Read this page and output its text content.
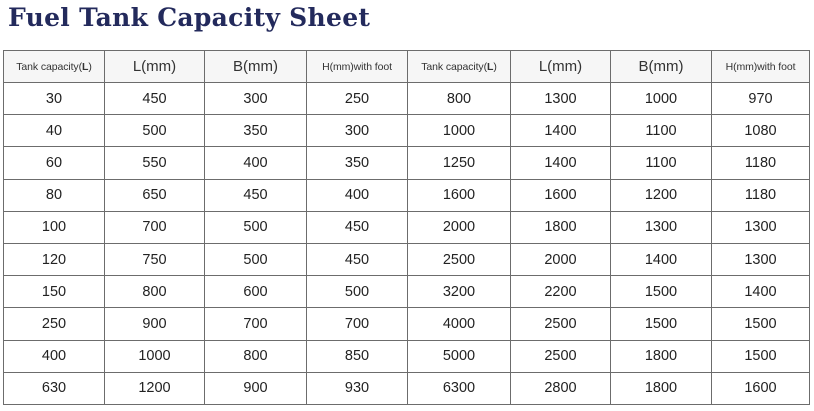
Fuel Tank Capacity Sheet
Tank capacity(L)	L(mm)	B(mm)	H(mm)with foot	Tank capacity(L)	L(mm)	B(mm)	H(mm)with foot
30	450	300	250	800	1300	1000	970
40	500	350	300	1000	1400	1100	1080
60	550	400	350	1250	1400	1100	1180
80	650	450	400	1600	1600	1200	1180
100	700	500	450	2000	1800	1300	1300
120	750	500	450	2500	2000	1400	1300
150	800	600	500	3200	2200	1500	1400
250	900	700	700	4000	2500	1500	1500
400	1000	800	850	5000	2500	1800	1500
630	1200	900	930	6300	2800	1800	1600
